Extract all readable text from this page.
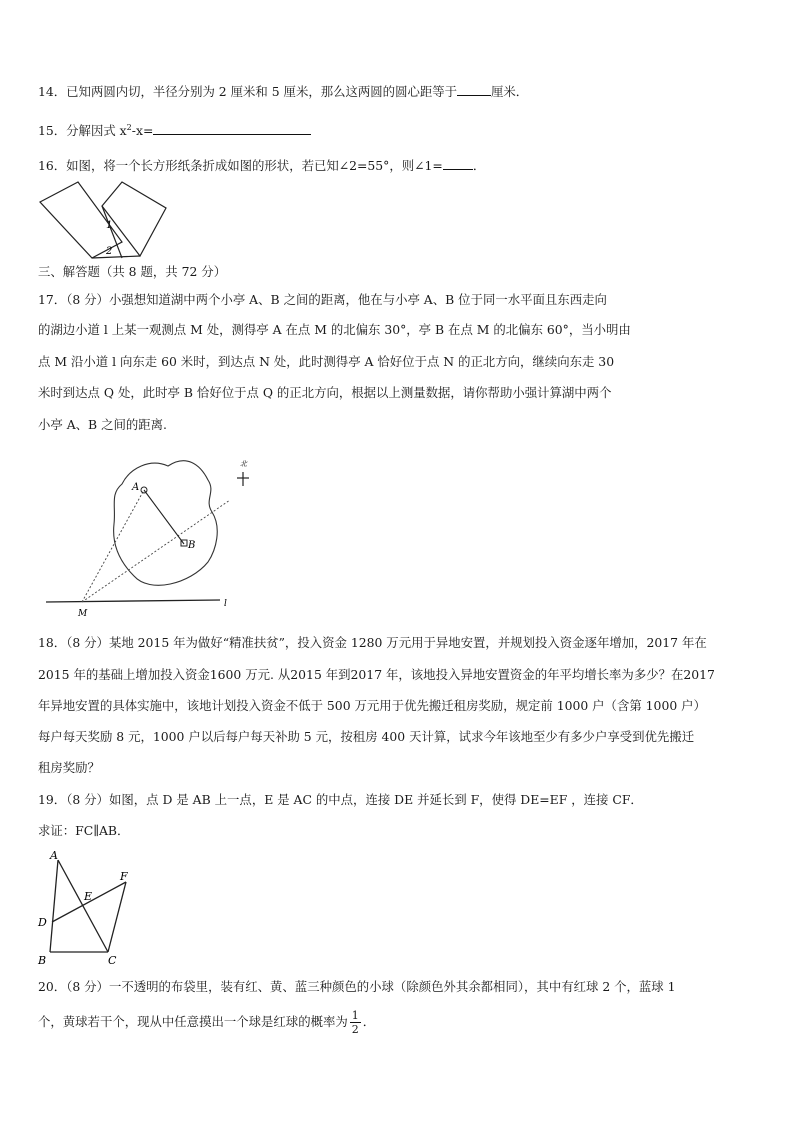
14．已知两圆内切，半径分别为 2 厘米和 5 厘米，那么这两圆的圆心距等于	厘米．
15．分解因式 $x^2-x=$
16．如图，将一个长方形纸条折成如图的形状，若已知∠2=55°，则∠1= ．
1
2
三、解答题（共 8 题，共 72 分）
17．（8 分）小强想知道湖中两个小亭 A、B 之间的距离，他在与小亭 A、B 位于同一水平面且东西走向
的湖边小道 l 上某一观测点 M 处，测得亭 A 在点 M 的北偏东 30°，亭 B 在点 M 的北偏东 60°，当小明由
点 M 沿小道 l 向东走 60 米时，到达点 N 处，此时测得亭 A 恰好位于点 N 的正北方向，继续向东走 30
米时到达点 Q 处，此时亭 B 恰好位于点 Q 的正北方向，根据以上测量数据，请你帮助小强计算湖中两个
小亭 A、B 之间的距离.
A
B
M
l
北
18．（8 分）某地 2015 年为做好“精准扶贫”，投入资金 1280 万元用于异地安置，并规划投入资金逐年增加，2017 年在
2015 年的基础上增加投入资金1600 万元. 从2015 年到2017 年，该地投入异地安置资金的年平均增长率为多少？在2017
年异地安置的具体实施中，该地计划投入资金不低于 500 万元用于优先搬迁租房奖励，规定前 1000 户（含第 1000 户）
每户每天奖励 8 元，1000 户以后每户每天补助 5 元，按租房 400 天计算，试求今年该地至少有多少户享受到优先搬迁
租房奖励？
19．（8 分）如图，点 D 是 AB 上一点，E 是 AC 的中点，连接 DE 并延长到 F，使得 DE=EF ，连接 CF．
求证：FC∥AB．
A
B	C
D
E
F
20．（8 分）一不透明的布袋里，装有红、黄、蓝三种颜色的小球（除颜色外其余都相同），其中有红球 2 个，蓝球 1
个，黄球若干个，现从中任意摸出一个球是红球的概率为 $\frac{1}{2}$ ．
